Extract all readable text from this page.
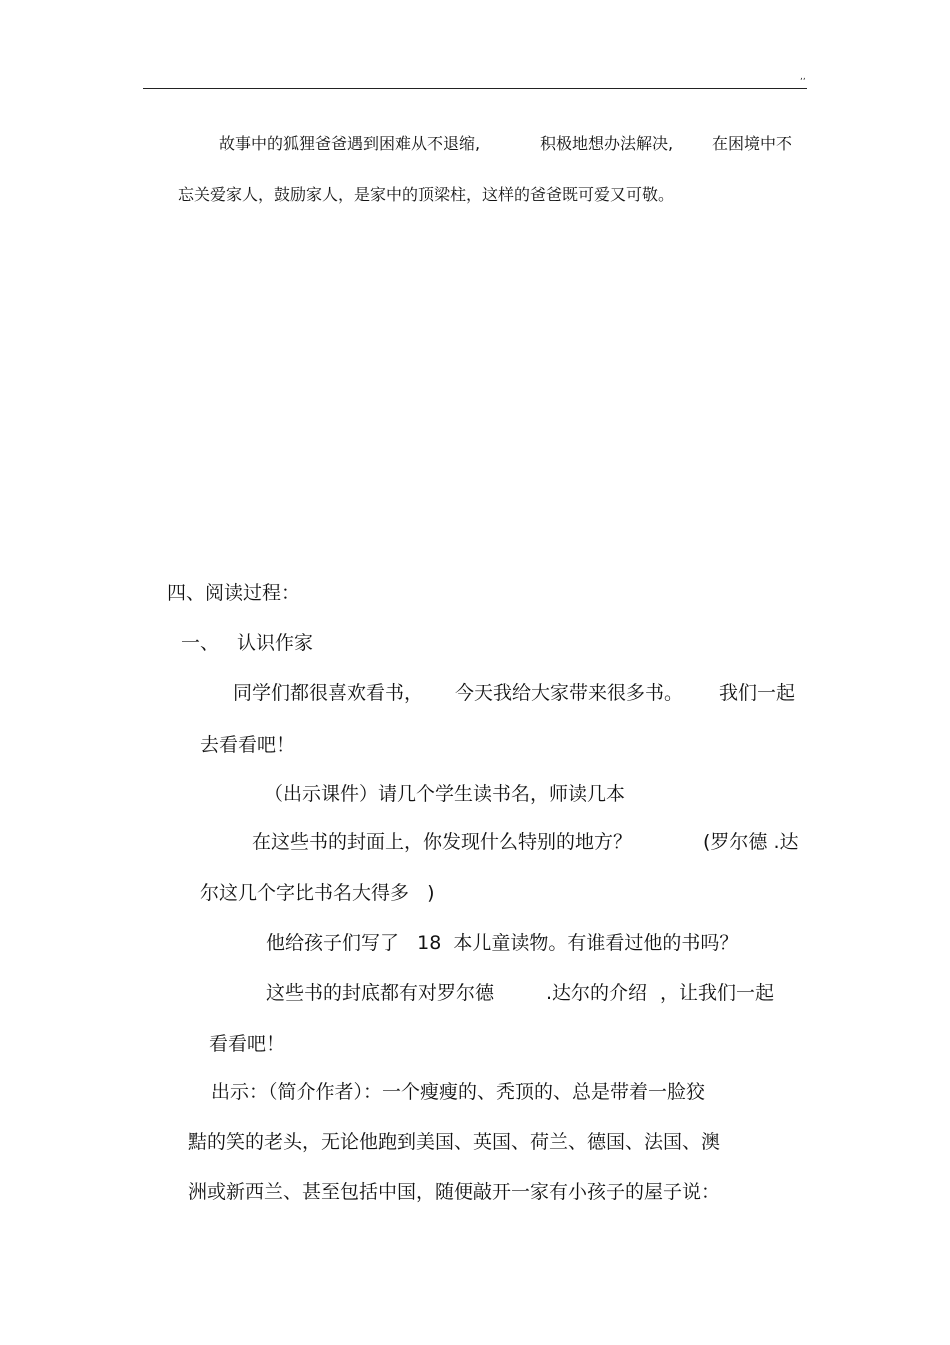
,,
故事中的狐狸爸爸遇到困难从不退缩,	积极地想办法解决, 在困境中不
忘关爱家人，鼓励家人，是家中的顶梁柱，这样的爸爸既可爱又可敬。
四、阅读过程：
一、 认识作家
同学们都很喜欢看书， 今天我给大家带来很多书。 我们一起
去看看吧！
（出示课件）请几个学生读书名，师读几本
在这些书的封面上，你发现什么特别的地方？	(罗尔德 .达
尔这几个字比书名大得多   )
他给孩子们写了   18  本儿童读物。有谁看过他的书吗？
这些书的封底都有对罗尔德	.达尔的介绍 ，让我们一起
看看吧！
出示：（简介作者）：一个瘦瘦的、秃顶的、总是带着一脸狡
黠的笑的老头，无论他跑到美国、英国、荷兰、德国、法国、澳
洲或新西兰、甚至包括中国，随便敲开一家有小孩子的屋子说：
